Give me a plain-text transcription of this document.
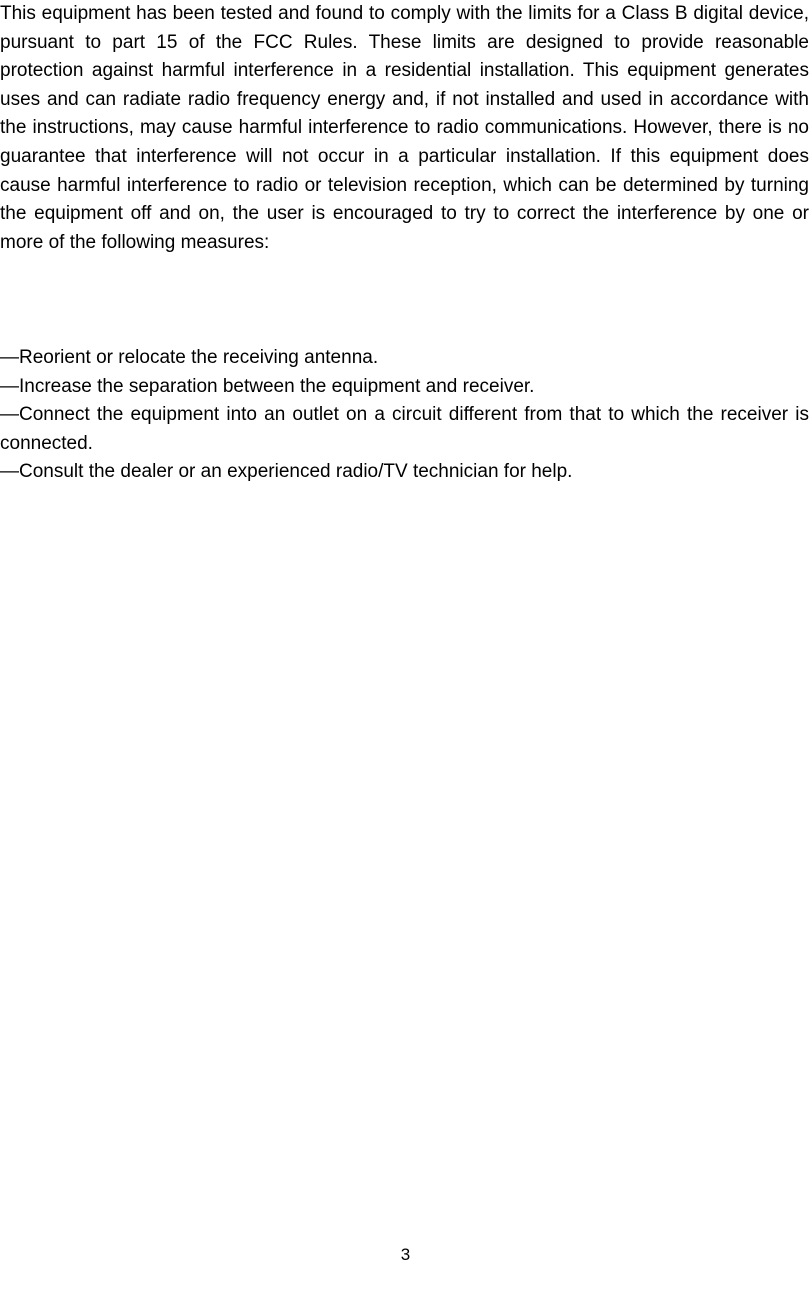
This equipment has been tested and found to comply with the limits for a Class B digital device, pursuant to part 15 of the FCC Rules. These limits are designed to provide reasonable protection against harmful interference in a residential installation. This equipment generates uses and can radiate radio frequency energy and, if not installed and used in accordance with the instructions, may cause harmful interference to radio communications. However, there is no guarantee that interference will not occur in a particular installation. If this equipment does cause harmful interference to radio or television reception, which can be determined by turning the equipment off and on, the user is encouraged to try to correct the interference by one or more of the following measures:

—Reorient or relocate the receiving antenna.
—Increase the separation between the equipment and receiver.
—Connect the equipment into an outlet on a circuit different from that to which the receiver is connected.
—Consult the dealer or an experienced radio/TV technician for help.
3
